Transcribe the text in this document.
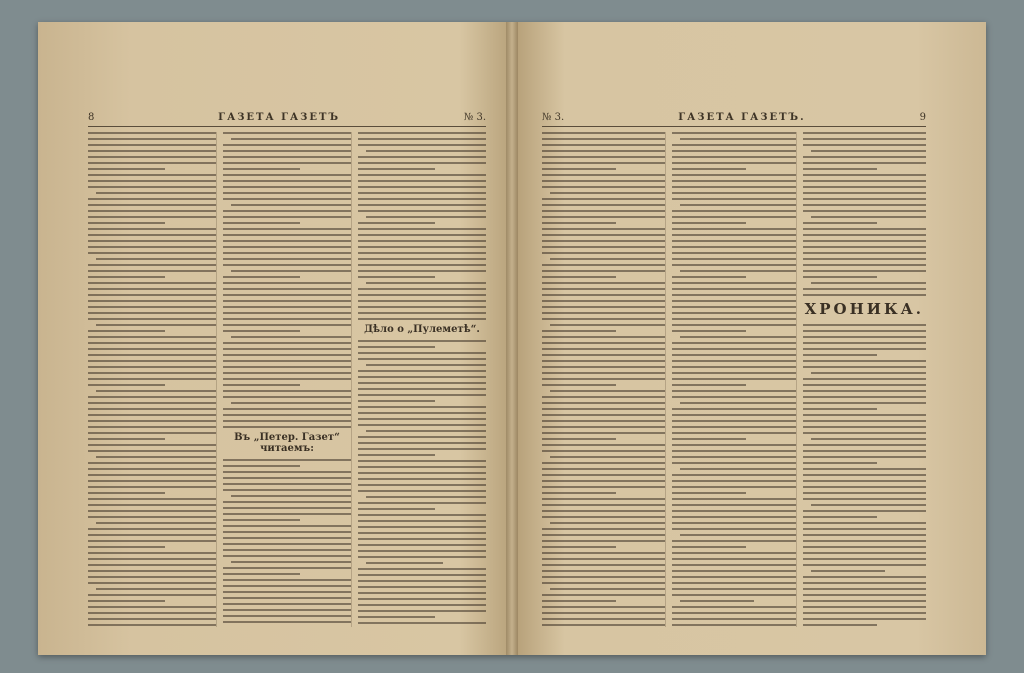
8	ГАЗЕТА ГАЗЕТЪ	№ 3.
Въ „Петер. Газет“ читаемъ:
Дѣло о „Пулеметѣ“.
№ 3.	ГАЗЕТА ГАЗЕТЪ.	9
ХРОНИКА.
